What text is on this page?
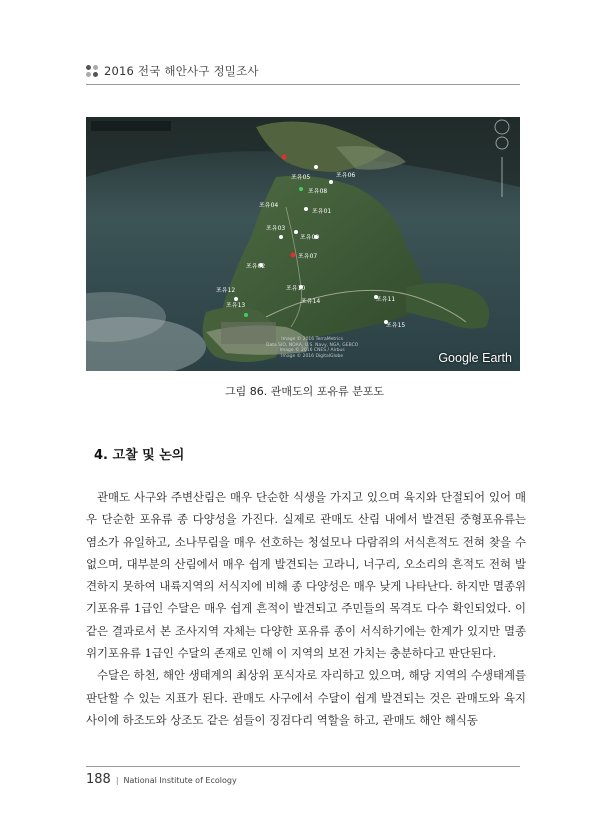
2016 전국 해안사구 정밀조사
포유05	포유06
포유08
포유04
포유01
포유03
포유09
포유02
포유07
포유10
포유11
포유12
포유13
포유14
포유15
Image © 2016 TerraMetrics
Data SIO, NOAA, U.S. Navy, NGA, GEBCO
Image © 2016 CNES / Airbus
Image © 2016 DigitalGlobe	Google Earth
그림 86. 관매도의 포유류 분포도
4. 고찰 및 논의

관매도 사구와 주변산림은 매우 단순한 식생을 가지고 있으며 육지와 단절되어 있어 매우 단순한 포유류 종 다양성을 가진다. 실제로 관매도 산림 내에서 발견된 중형포유류는 염소가 유일하고, 소나무림을 매우 선호하는 청설모나 다람쥐의 서식흔적도 전혀 찾을 수 없으며, 대부분의 산림에서 매우 쉽게 발견되는 고라니, 너구리, 오소리의 흔적도 전혀 발견하지 못하여 내륙지역의 서식지에 비해 종 다양성은 매우 낮게 나타난다. 하지만 멸종위기포유류 1급인 수달은 매우 쉽게 흔적이 발견되고 주민들의 목격도 다수 확인되었다. 이 같은 결과로서 본 조사지역 자체는 다양한 포유류 종이 서식하기에는 한계가 있지만 멸종위기포유류 1급인 수달의 존재로 인해 이 지역의 보전 가치는 충분하다고 판단된다.

수달은 하천, 해안 생태계의 최상위 포식자로 자리하고 있으며, 해당 지역의 수생태계를 판단할 수 있는 지표가 된다. 관매도 사구에서 수달이 쉽게 발견되는 것은 관매도와 육지 사이에 하조도와 상조도 같은 섬들이 징검다리 역할을 하고, 관매도 해안 해식동

188 | National Institute of Ecology
